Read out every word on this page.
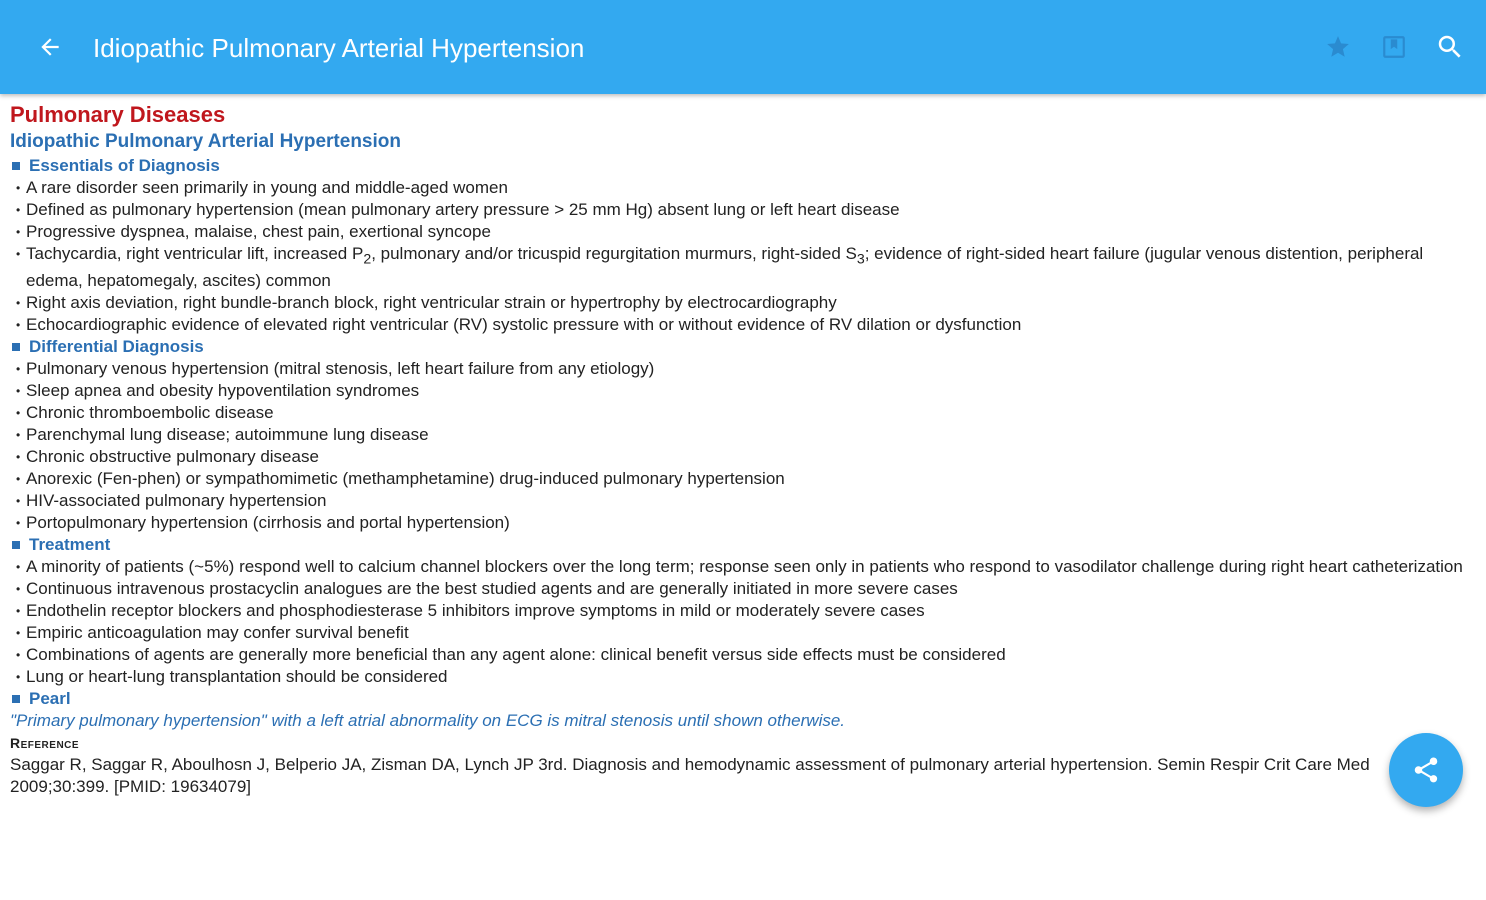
Idiopathic Pulmonary Arterial Hypertension
Pulmonary Diseases
Idiopathic Pulmonary Arterial Hypertension
Essentials of Diagnosis
• A rare disorder seen primarily in young and middle-aged women
• Defined as pulmonary hypertension (mean pulmonary artery pressure > 25 mm Hg) absent lung or left heart disease
• Progressive dyspnea, malaise, chest pain, exertional syncope
• Tachycardia, right ventricular lift, increased $P_2$, pulmonary and/or tricuspid regurgitation murmurs, right-sided $S_3$; evidence of right-sided heart failure (jugular venous distention, peripheral edema, hepatomegaly, ascites) common
• Right axis deviation, right bundle-branch block, right ventricular strain or hypertrophy by electrocardiography
• Echocardiographic evidence of elevated right ventricular (RV) systolic pressure with or without evidence of RV dilation or dysfunction
Differential Diagnosis
• Pulmonary venous hypertension (mitral stenosis, left heart failure from any etiology)
• Sleep apnea and obesity hypoventilation syndromes
• Chronic thromboembolic disease
• Parenchymal lung disease; autoimmune lung disease
• Chronic obstructive pulmonary disease
• Anorexic (Fen-phen) or sympathomimetic (methamphetamine) drug-induced pulmonary hypertension
• HIV-associated pulmonary hypertension
• Portopulmonary hypertension (cirrhosis and portal hypertension)
Treatment
• A minority of patients (~5%) respond well to calcium channel blockers over the long term; response seen only in patients who respond to vasodilator challenge during right heart catheterization
• Continuous intravenous prostacyclin analogues are the best studied agents and are generally initiated in more severe cases
• Endothelin receptor blockers and phosphodiesterase 5 inhibitors improve symptoms in mild or moderately severe cases
• Empiric anticoagulation may confer survival benefit
• Combinations of agents are generally more beneficial than any agent alone: clinical benefit versus side effects must be considered
• Lung or heart-lung transplantation should be considered
Pearl
"Primary pulmonary hypertension" with a left atrial abnormality on ECG is mitral stenosis until shown otherwise.
Reference
Saggar R, Saggar R, Aboulhosn J, Belperio JA, Zisman DA, Lynch JP 3rd. Diagnosis and hemodynamic assessment of pulmonary arterial hypertension. Semin Respir Crit Care Med 2009;30:399. [PMID: 19634079]
